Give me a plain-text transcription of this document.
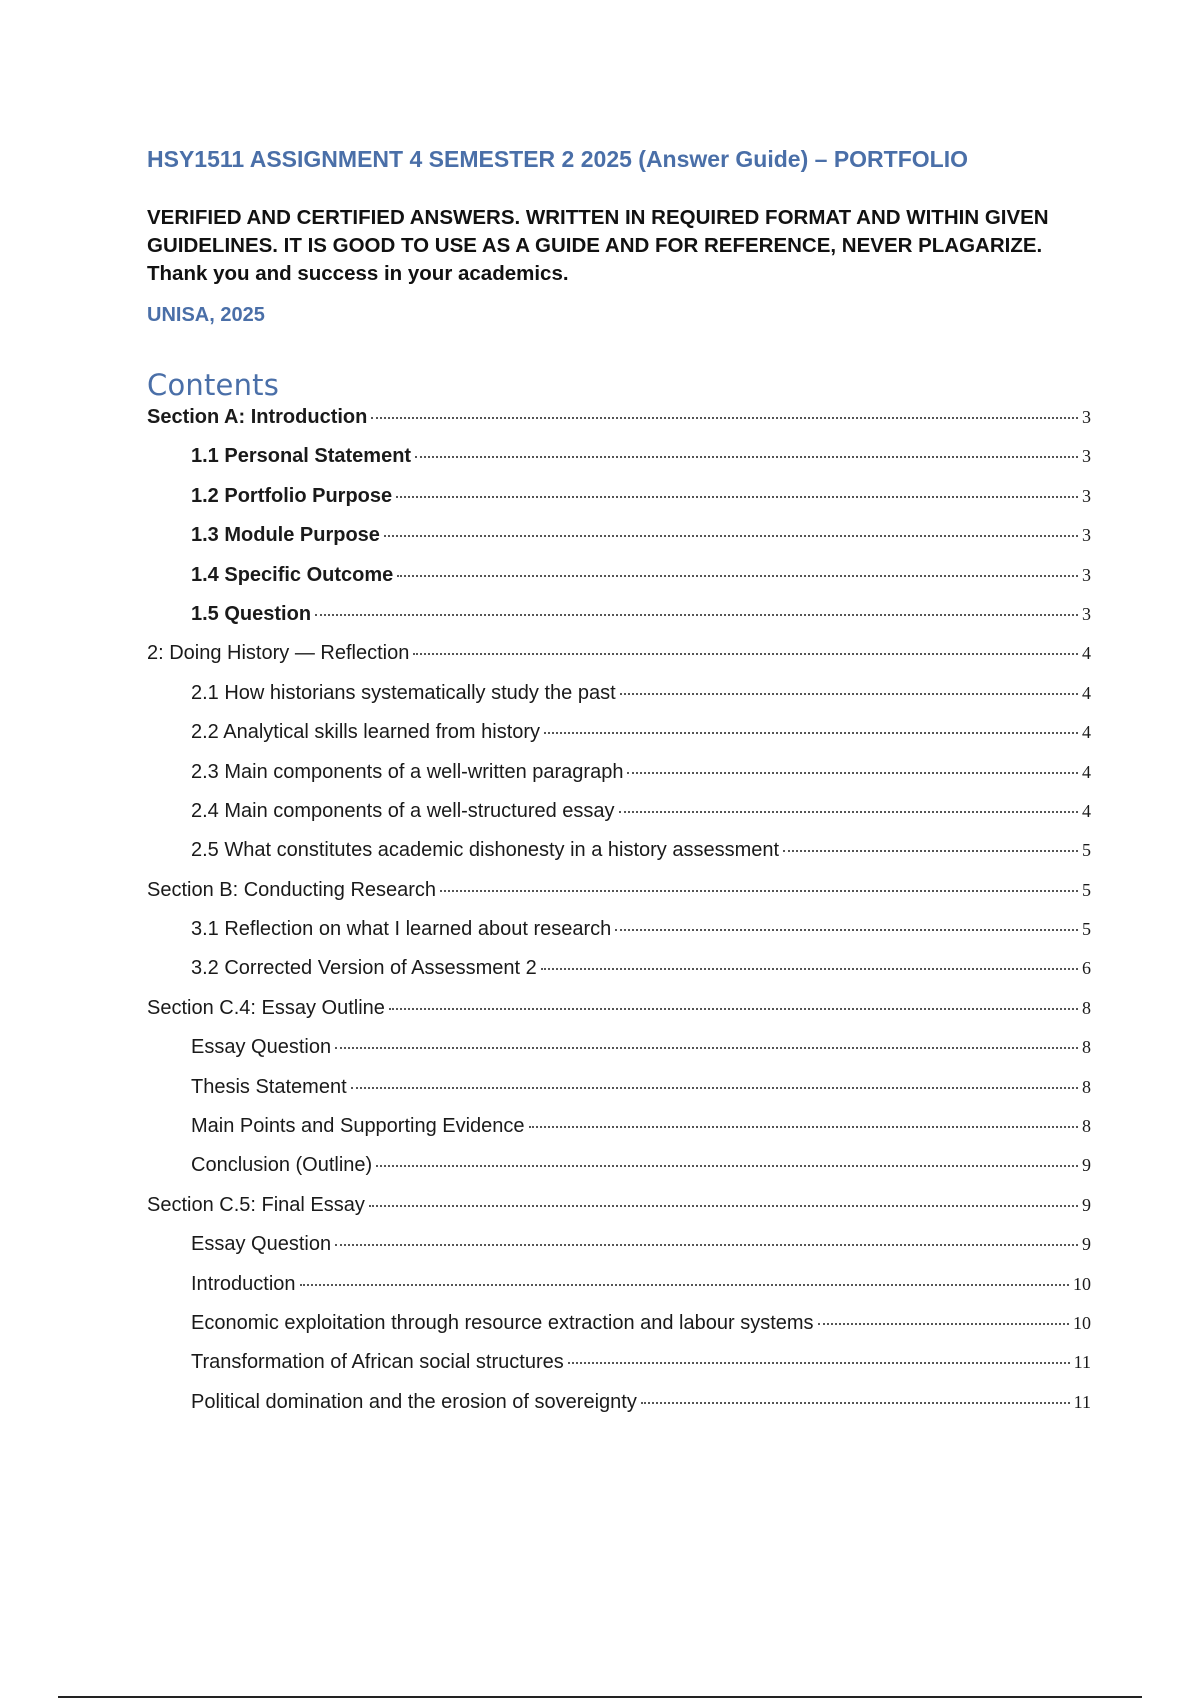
HSY1511 ASSIGNMENT 4 SEMESTER 2 2025 (Answer Guide) – PORTFOLIO
VERIFIED AND CERTIFIED ANSWERS. WRITTEN IN REQUIRED FORMAT AND WITHIN GIVEN GUIDELINES. IT IS GOOD TO USE AS A GUIDE AND FOR REFERENCE, NEVER PLAGARIZE. Thank you and success in your academics.
UNISA, 2025
Contents
Section A: Introduction	3
1.1 Personal Statement	3
1.2 Portfolio Purpose	3
1.3 Module Purpose	3
1.4 Specific Outcome	3
1.5 Question	3
2: Doing History — Reflection	4
2.1 How historians systematically study the past	4
2.2 Analytical skills learned from history	4
2.3 Main components of a well-written paragraph	4
2.4 Main components of a well-structured essay	4
2.5 What constitutes academic dishonesty in a history assessment	5
Section B: Conducting Research	5
3.1 Reflection on what I learned about research	5
3.2 Corrected Version of Assessment 2	6
Section C.4: Essay Outline	8
Essay Question	8
Thesis Statement	8
Main Points and Supporting Evidence	8
Conclusion (Outline)	9
Section C.5: Final Essay	9
Essay Question	9
Introduction	10
Economic exploitation through resource extraction and labour systems	10
Transformation of African social structures	11
Political domination and the erosion of sovereignty	11
